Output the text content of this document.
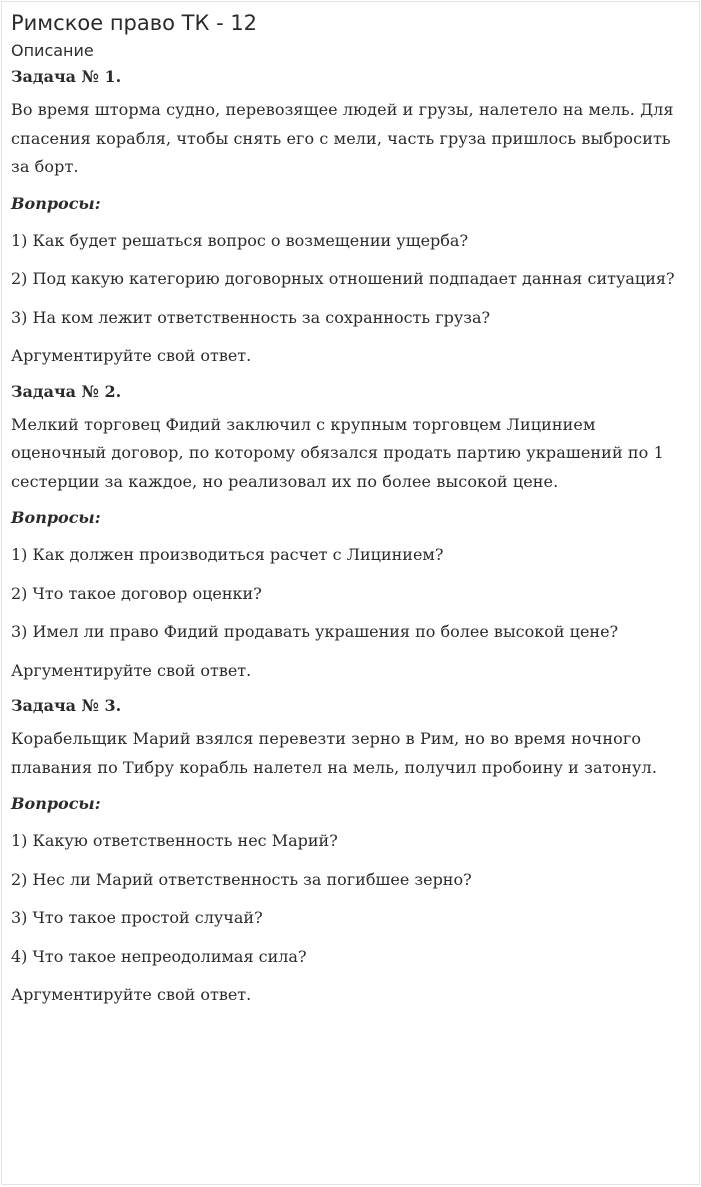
Римское право ТК - 12
Описание
Задача № 1.

Во время шторма судно, перевозящее людей и грузы, налетело на мель. Для спасения корабля, чтобы снять его с мели, часть груза пришлось выбросить за борт.

Вопросы:

1) Как будет решаться вопрос о возмещении ущерба?

2) Под какую категорию договорных отношений подпадает данная ситуация?

3) На ком лежит ответственность за сохранность груза?

Аргументируйте свой ответ.

Задача № 2.

Мелкий торговец Фидий заключил с крупным торговцем Лицинием оценочный договор, по которому обязался продать партию украшений по 1 сестерции за каждое, но реализовал их по более высокой цене.

Вопросы:

1) Как должен производиться расчет с Лицинием?

2) Что такое договор оценки?

3) Имел ли право Фидий продавать украшения по более высокой цене?

Аргументируйте свой ответ.

Задача № 3.

Корабельщик Марий взялся перевезти зерно в Рим, но во время ночного плавания по Тибру корабль налетел на мель, получил пробоину и затонул.

Вопросы:

1) Какую ответственность нес Марий?

2) Нес ли Марий ответственность за погибшее зерно?

3) Что такое простой случай?

4) Что такое непреодолимая сила?

Аргументируйте свой ответ.
